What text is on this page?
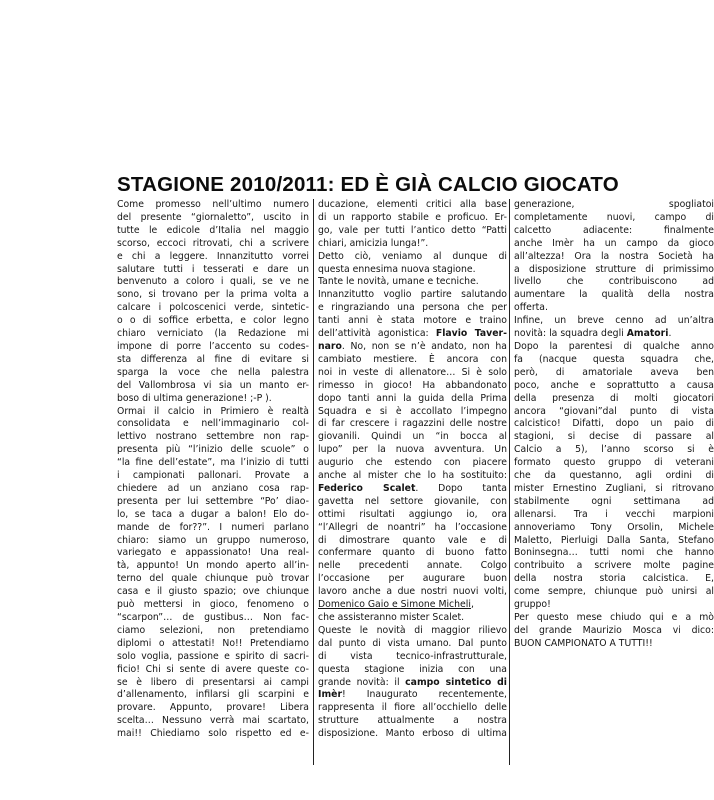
STAGIONE 2010/2011: ED È GIÀ CALCIO GIOCATO
Come promesso nell’ultimo numero
del presente “giornaletto”, uscito in
tutte le edicole d’Italia nel maggio
scorso, eccoci ritrovati, chi a scrivere
e chi a leggere. Innanzitutto vorrei
salutare tutti i tesserati e dare un
benvenuto a coloro i quali, se ve ne
sono, si trovano per la prima volta a
calcare i polcoscenici verde, sintetic-
o o di soffice erbetta, e color legno
chiaro verniciato (la Redazione mi
impone di porre l’accento su codes-
sta differenza al fine di evitare si
sparga la voce che nella palestra
del Vallombrosa vi sia un manto er-
boso di ultima generazione! ;-P ).
Ormai il calcio in Primiero è realtà
consolidata e nell’immaginario col-
lettivo nostrano settembre non rap-
presenta più “l’inizio delle scuole” o
“la fine dell’estate”, ma l’inizio di tutti
i campionati pallonari. Provate a
chiedere ad un anziano cosa rap-
presenta per lui settembre “Po’ diao-
lo, se taca a dugar a balon! Elo do-
mande de for??”. I numeri parlano
chiaro: siamo un gruppo numeroso,
variegato e appassionato! Una real-
tà, appunto! Un mondo aperto all’in-
terno del quale chiunque può trovar
casa e il giusto spazio; ove chiunque
può mettersi in gioco, fenomeno o
“scarpon”… de gustibus… Non fac-
ciamo selezioni, non pretendiamo
diplomi o attestati! No!! Pretendiamo
solo voglia, passione e spirito di sacri-
ficio! Chi si sente di avere queste co-
se è libero di presentarsi ai campi
d’allenamento, infilarsi gli scarpini e
provare. Appunto, provare! Libera
scelta… Nessuno verrà mai scartato,
mai!! Chiediamo solo rispetto ed e-
ducazione, elementi critici alla base
di un rapporto stabile e proficuo. Er-
go, vale per tutti l’antico detto “Patti
chiari, amicizia lunga!”.
Detto ciò, veniamo al dunque di
questa ennesima nuova stagione.
Tante le novità, umane e tecniche.
Innanzitutto voglio partire salutando
e ringraziando una persona che per
tanti anni è stata motore e traino
dell’attività agonistica: Flavio Taver-
naro. No, non se n’è andato, non ha
cambiato mestiere. È ancora con
noi in veste di allenatore… Si è solo
rimesso in gioco! Ha abbandonato
dopo tanti anni la guida della Prima
Squadra e si è accollato l’impegno
di far crescere i ragazzini delle nostre
giovanili. Quindi un “in bocca al
lupo” per la nuova avventura. Un
augurio che estendo con piacere
anche al mister che lo ha sostituito:
Federico Scalet. Dopo tanta
gavetta nel settore giovanile, con
ottimi risultati aggiungo io, ora
“l’Allegri de noantri” ha l’occasione
di dimostrare quanto vale e di
confermare quanto di buono fatto
nelle precedenti annate. Colgo
l’occasione per augurare buon
lavoro anche a due nostri nuovi volti,
Domenico Gaio e Simone Micheli,
che assisteranno mister Scalet.
Queste le novità di maggior rilievo
dal punto di vista umano. Dal punto
di vista tecnico-infrastrutturale,
questa stagione inizia con una
grande novità: il campo sintetico di
Imèr! Inaugurato recentemente,
rappresenta il fiore all’occhiello delle
strutture attualmente a nostra
disposizione. Manto erboso di ultima
generazione, spogliatoi
completamente nuovi, campo di
calcetto adiacente: finalmente
anche Imèr ha un campo da gioco
all’altezza! Ora la nostra Società ha
a disposizione strutture di primissimo
livello che contribuiscono ad
aumentare la qualità della nostra
offerta.
Infine, un breve cenno ad un’altra
novità: la squadra degli Amatori.
Dopo la parentesi di qualche anno
fa (nacque questa squadra che,
però, di amatoriale aveva ben
poco, anche e soprattutto a causa
della presenza di molti giocatori
ancora “giovani”dal punto di vista
calcistico! Difatti, dopo un paio di
stagioni, si decise di passare al
Calcio a 5), l’anno scorso si è
formato questo gruppo di veterani
che da questanno, agli ordini di
mister Ernestino Zugliani, si ritrovano
stabilmente ogni settimana ad
allenarsi. Tra i vecchi marpioni
annoveriamo Tony Orsolin, Michele
Maletto, Pierluigi Dalla Santa, Stefano
Boninsegna… tutti nomi che hanno
contribuito a scrivere molte pagine
della nostra storia calcistica. E,
come sempre, chiunque può unirsi al
gruppo!
Per questo mese chiudo qui e a mò
del grande Maurizio Mosca vi dico:
BUON CAMPIONATO A TUTTI!!
